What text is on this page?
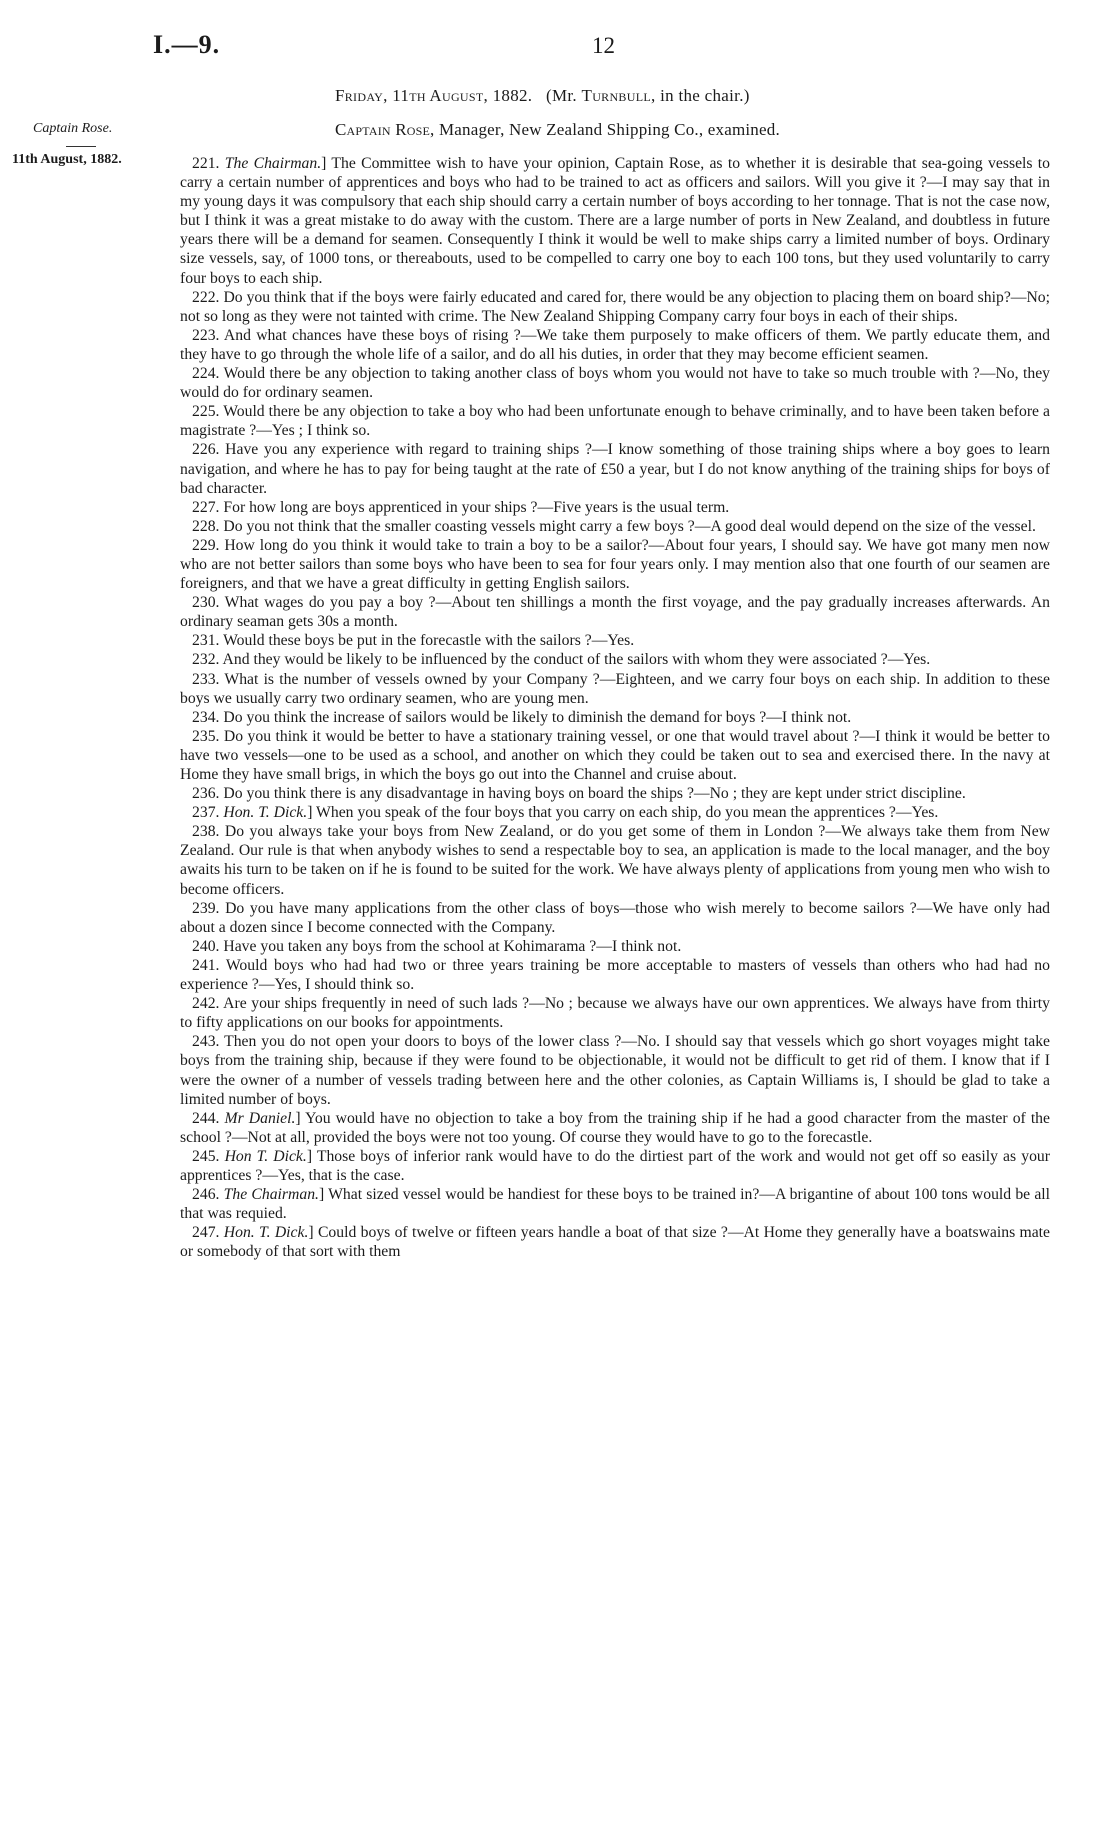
I.—9.	12
Friday, 11th August, 1882. (Mr. Turnbull, in the chair.)
Captain Rose, Manager, New Zealand Shipping Co., examined.
Captain Rose.
11th August, 1882.	221. The Chairman.] The Committee wish to have your opinion, Captain Rose, as to whether it is desirable that sea-going vessels to carry a certain number of apprentices and boys who had to be trained to act as officers and sailors. Will you give it ?—I may say that in my young days it was compulsory that each ship should carry a certain number of boys according to her tonnage. That is not the case now, but I think it was a great mistake to do away with the custom. There are a large number of ports in New Zealand, and doubtless in future years there will be a demand for seamen. Consequently I think it would be well to make ships carry a limited number of boys. Ordinary size vessels, say, of 1000 tons, or thereabouts, used to be compelled to carry one boy to each 100 tons, but they used voluntarily to carry four boys to each ship.

222. Do you think that if the boys were fairly educated and cared for, there would be any objection to placing them on board ship?—No; not so long as they were not tainted with crime. The New Zealand Shipping Company carry four boys in each of their ships.

223. And what chances have these boys of rising ?—We take them purposely to make officers of them. We partly educate them, and they have to go through the whole life of a sailor, and do all his duties, in order that they may become efficient seamen.

224. Would there be any objection to taking another class of boys whom you would not have to take so much trouble with ?—No, they would do for ordinary seamen.

225. Would there be any objection to take a boy who had been unfortunate enough to behave criminally, and to have been taken before a magistrate ?—Yes ; I think so.

226. Have you any experience with regard to training ships ?—I know something of those training ships where a boy goes to learn navigation, and where he has to pay for being taught at the rate of £50 a year, but I do not know anything of the training ships for boys of bad character.

227. For how long are boys apprenticed in your ships ?—Five years is the usual term.

228. Do you not think that the smaller coasting vessels might carry a few boys ?—A good deal would depend on the size of the vessel.

229. How long do you think it would take to train a boy to be a sailor?—About four years, I should say. We have got many men now who are not better sailors than some boys who have been to sea for four years only. I may mention also that one fourth of our seamen are foreigners, and that we have a great difficulty in getting English sailors.

230. What wages do you pay a boy ?—About ten shillings a month the first voyage, and the pay gradually increases afterwards. An ordinary seaman gets 30s a month.

231. Would these boys be put in the forecastle with the sailors ?—Yes.

232. And they would be likely to be influenced by the conduct of the sailors with whom they were associated ?—Yes.

233. What is the number of vessels owned by your Company ?—Eighteen, and we carry four boys on each ship. In addition to these boys we usually carry two ordinary seamen, who are young men.

234. Do you think the increase of sailors would be likely to diminish the demand for boys ?—I think not.

235. Do you think it would be better to have a stationary training vessel, or one that would travel about ?—I think it would be better to have two vessels—one to be used as a school, and another on which they could be taken out to sea and exercised there. In the navy at Home they have small brigs, in which the boys go out into the Channel and cruise about.

236. Do you think there is any disadvantage in having boys on board the ships ?—No ; they are kept under strict discipline.

237. Hon. T. Dick.] When you speak of the four boys that you carry on each ship, do you mean the apprentices ?—Yes.

238. Do you always take your boys from New Zealand, or do you get some of them in London ?—We always take them from New Zealand. Our rule is that when anybody wishes to send a respectable boy to sea, an application is made to the local manager, and the boy awaits his turn to be taken on if he is found to be suited for the work. We have always plenty of applications from young men who wish to become officers.

239. Do you have many applications from the other class of boys—those who wish merely to become sailors ?—We have only had about a dozen since I become connected with the Company.

240. Have you taken any boys from the school at Kohimarama ?—I think not.

241. Would boys who had had two or three years training be more acceptable to masters of vessels than others who had had no experience ?—Yes, I should think so.

242. Are your ships frequently in need of such lads ?—No ; because we always have our own apprentices. We always have from thirty to fifty applications on our books for appointments.

243. Then you do not open your doors to boys of the lower class ?—No. I should say that vessels which go short voyages might take boys from the training ship, because if they were found to be objectionable, it would not be difficult to get rid of them. I know that if I were the owner of a number of vessels trading between here and the other colonies, as Captain Williams is, I should be glad to take a limited number of boys.

244. Mr Daniel.] You would have no objection to take a boy from the training ship if he had a good character from the master of the school ?—Not at all, provided the boys were not too young. Of course they would have to go to the forecastle.

245. Hon T. Dick.] Those boys of inferior rank would have to do the dirtiest part of the work and would not get off so easily as your apprentices ?—Yes, that is the case.

246. The Chairman.] What sized vessel would be handiest for these boys to be trained in?—A brigantine of about 100 tons would be all that was requied.

247. Hon. T. Dick.] Could boys of twelve or fifteen years handle a boat of that size ?—At Home they generally have a boatswains mate or somebody of that sort with them
